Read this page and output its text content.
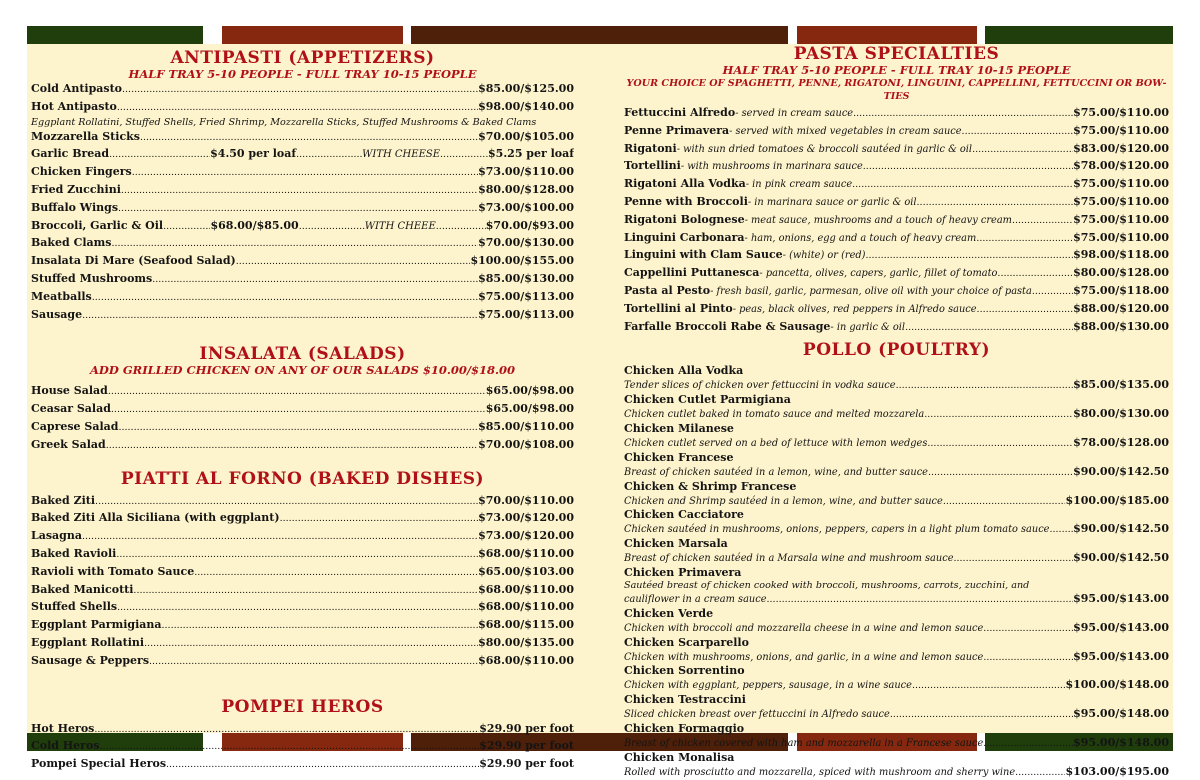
ANTIPASTI (APPETIZERS)
HALF TRAY 5-10 PEOPLE - FULL TRAY 10-15 PEOPLE
Cold Antipasto .....	$85.00/$125.00
Hot Antipasto .....	$98.00/$140.00
Eggplant Rollatini, Stuffed Shells, Fried Shrimp, Mozzarella Sticks, Stuffed Mushrooms & Baked Clams
Mozzarella Sticks .....	$70.00/$105.00
Garlic Bread .....	$4.50 per loaf .....	WITH CHEESE .....	$5.25 per loaf
Chicken Fingers .....	$73.00/$110.00
Fried Zucchini .....	$80.00/$128.00
Buffalo Wings .....	$73.00/$100.00
Broccoli, Garlic & Oil .....	$68.00/$85.00 .....	WITH CHEEE .....	$70.00/$93.00
Baked Clams .....	$70.00/$130.00
Insalata Di Mare (Seafood Salad) .....	$100.00/$155.00
Stuffed Mushrooms .....	$85.00/$130.00
Meatballs .....	$75.00/$113.00
Sausage .....	$75.00/$113.00
INSALATA (SALADS)
ADD GRILLED CHICKEN ON ANY OF OUR SALADS $10.00/$18.00
House Salad .....	$65.00/$98.00
Ceasar Salad .....	$65.00/$98.00
Caprese Salad .....	$85.00/$110.00
Greek Salad .....	$70.00/$108.00
PIATTI AL FORNO (BAKED DISHES)
Baked Ziti .....	$70.00/$110.00
Baked Ziti Alla Siciliana (with eggplant) .....	$73.00/$120.00
Lasagna .....	$73.00/$120.00
Baked Ravioli .....	$68.00/$110.00
Ravioli with Tomato Sauce .....	$65.00/$103.00
Baked Manicotti .....	$68.00/$110.00
Stuffed Shells .....	$68.00/$110.00
Eggplant Parmigiana .....	$68.00/$115.00
Eggplant Rollatini .....	$80.00/$135.00
Sausage & Peppers .....	$68.00/$110.00
POMPEI HEROS
Hot Heros .....	$29.90 per foot
Cold Heros .....	$29.90 per foot
Pompei Special Heros .....	$29.90 per foot
PASTA SPECIALTIES
HALF TRAY 5-10 PEOPLE - FULL TRAY 10-15 PEOPLE
YOUR CHOICE OF SPAGHETTI, PENNE, RIGATONI, LINGUINI, CAPPELLINI, FETTUCCINI OR BOW-TIES
Fettuccini Alfredo - served in cream sauce .....	$75.00/$110.00
Penne Primavera - served with mixed vegetables in cream sauce .....	$75.00/$110.00
Rigatoni - with sun dried tomatoes & broccoli sautéed in garlic & oil .....	$83.00/$120.00
Tortellini - with mushrooms in marinara sauce .....	$78.00/$120.00
Rigatoni Alla Vodka - in pink cream sauce .....	$75.00/$110.00
Penne with Broccoli - in marinara sauce or garlic & oil .....	$75.00/$110.00
Rigatoni Bolognese - meat sauce, mushrooms and a touch of heavy cream .....	$75.00/$110.00
Linguini Carbonara - ham, onions, egg and a touch of heavy cream .....	$75.00/$110.00
Linguini with Clam Sauce - (white) or (red) .....	$98.00/$118.00
Cappellini Puttanesca - pancetta, olives, capers, garlic, fillet of tomato .....	$80.00/$128.00
Pasta al Pesto - fresh basil, garlic, parmesan, olive oil with your choice of pasta .....	$75.00/$118.00
Tortellini al Pinto - peas, black olives, red peppers in Alfredo sauce .....	$88.00/$120.00
Farfalle Broccoli Rabe & Sausage - in garlic & oil .....	$88.00/$130.00
POLLO (POULTRY)
Chicken Alla Vodka
Tender slices of chicken over fettuccini in vodka sauce .....	$85.00/$135.00
Chicken Cutlet Parmigiana
Chicken cutlet baked in tomato sauce and melted mozzarela .....	$80.00/$130.00
Chicken Milanese
Chicken cutlet served on a bed of lettuce with lemon wedges .....	$78.00/$128.00
Chicken Francese
Breast of chicken sautéed in a lemon, wine, and butter sauce .....	$90.00/$142.50
Chicken & Shrimp Francese
Chicken and Shrimp sautéed in a lemon, wine, and butter sauce .....	$100.00/$185.00
Chicken Cacciatore
Chicken sautéed in mushrooms, onions, peppers, capers in a light plum tomato sauce ..... $90.00/$142.50
Chicken Marsala
Breast of chicken sautéed in a Marsala wine and mushroom sauce .....	$90.00/$142.50
Chicken Primavera
Sautéed breast of chicken cooked with broccoli, mushrooms, carrots, zucchini, and
cauliflower in a cream sauce .....	$95.00/$143.00
Chicken Verde
Chicken with broccoli and mozzarella cheese in a wine and lemon sauce .....	$95.00/$143.00
Chicken Scarparello
Chicken with mushrooms, onions, and garlic, in a wine and lemon sauce .....	$95.00/$143.00
Chicken Sorrentino
Chicken with eggplant, peppers, sausage, in a wine sauce .....	$100.00/$148.00
Chicken Testraccini
Sliced chicken breast over fettuccini in Alfredo sauce .....	$95.00/$148.00
Chicken Formaggio
Breast of chicken covered with ham and mozzarella in a Francese sauce .....	$95.00/$148.00
Chicken Monalisa
Rolled with prosciutto and mozzarella, spiced with mushroom and sherry wine .....	$103.00/$195.00
